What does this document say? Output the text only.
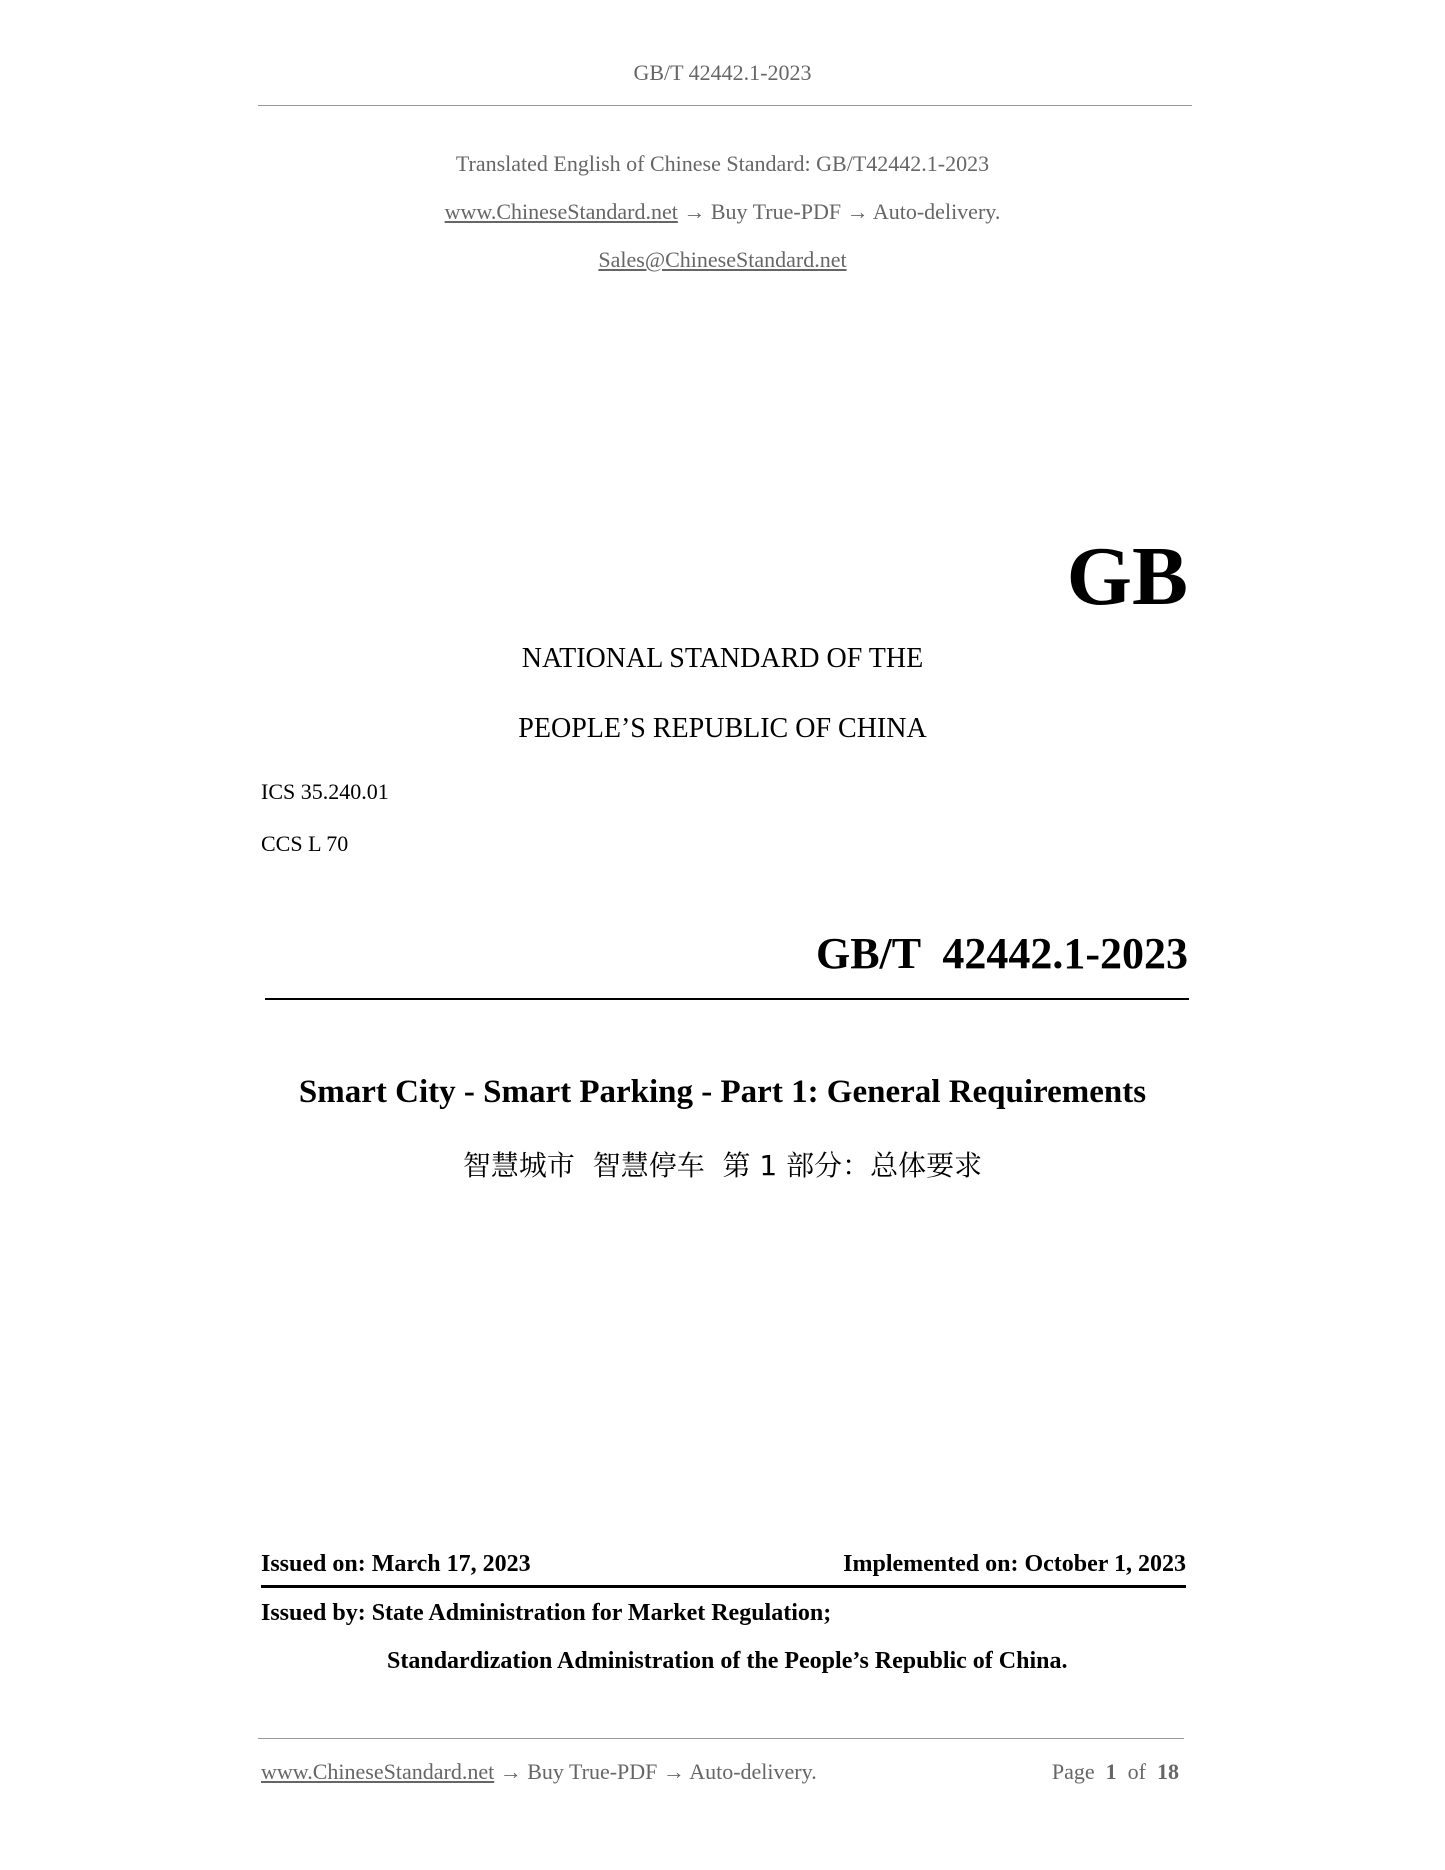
GB/T 42442.1-2023
Translated English of Chinese Standard: GB/T42442.1-2023
www.ChineseStandard.net → Buy True-PDF → Auto-delivery.
Sales@ChineseStandard.net
GB
NATIONAL STANDARD OF THE
PEOPLE’S REPUBLIC OF CHINA
ICS 35.240.01
CCS L 70
GB/T  42442.1-2023
Smart City - Smart Parking - Part 1: General Requirements
智慧城市  智慧停车  第 1 部分：总体要求
Issued on: March 17, 2023	Implemented on: October 1, 2023
Issued by: State Administration for Market Regulation;
Standardization Administration of the People’s Republic of China.
www.ChineseStandard.net → Buy True-PDF → Auto-delivery.	Page 1 of 18
